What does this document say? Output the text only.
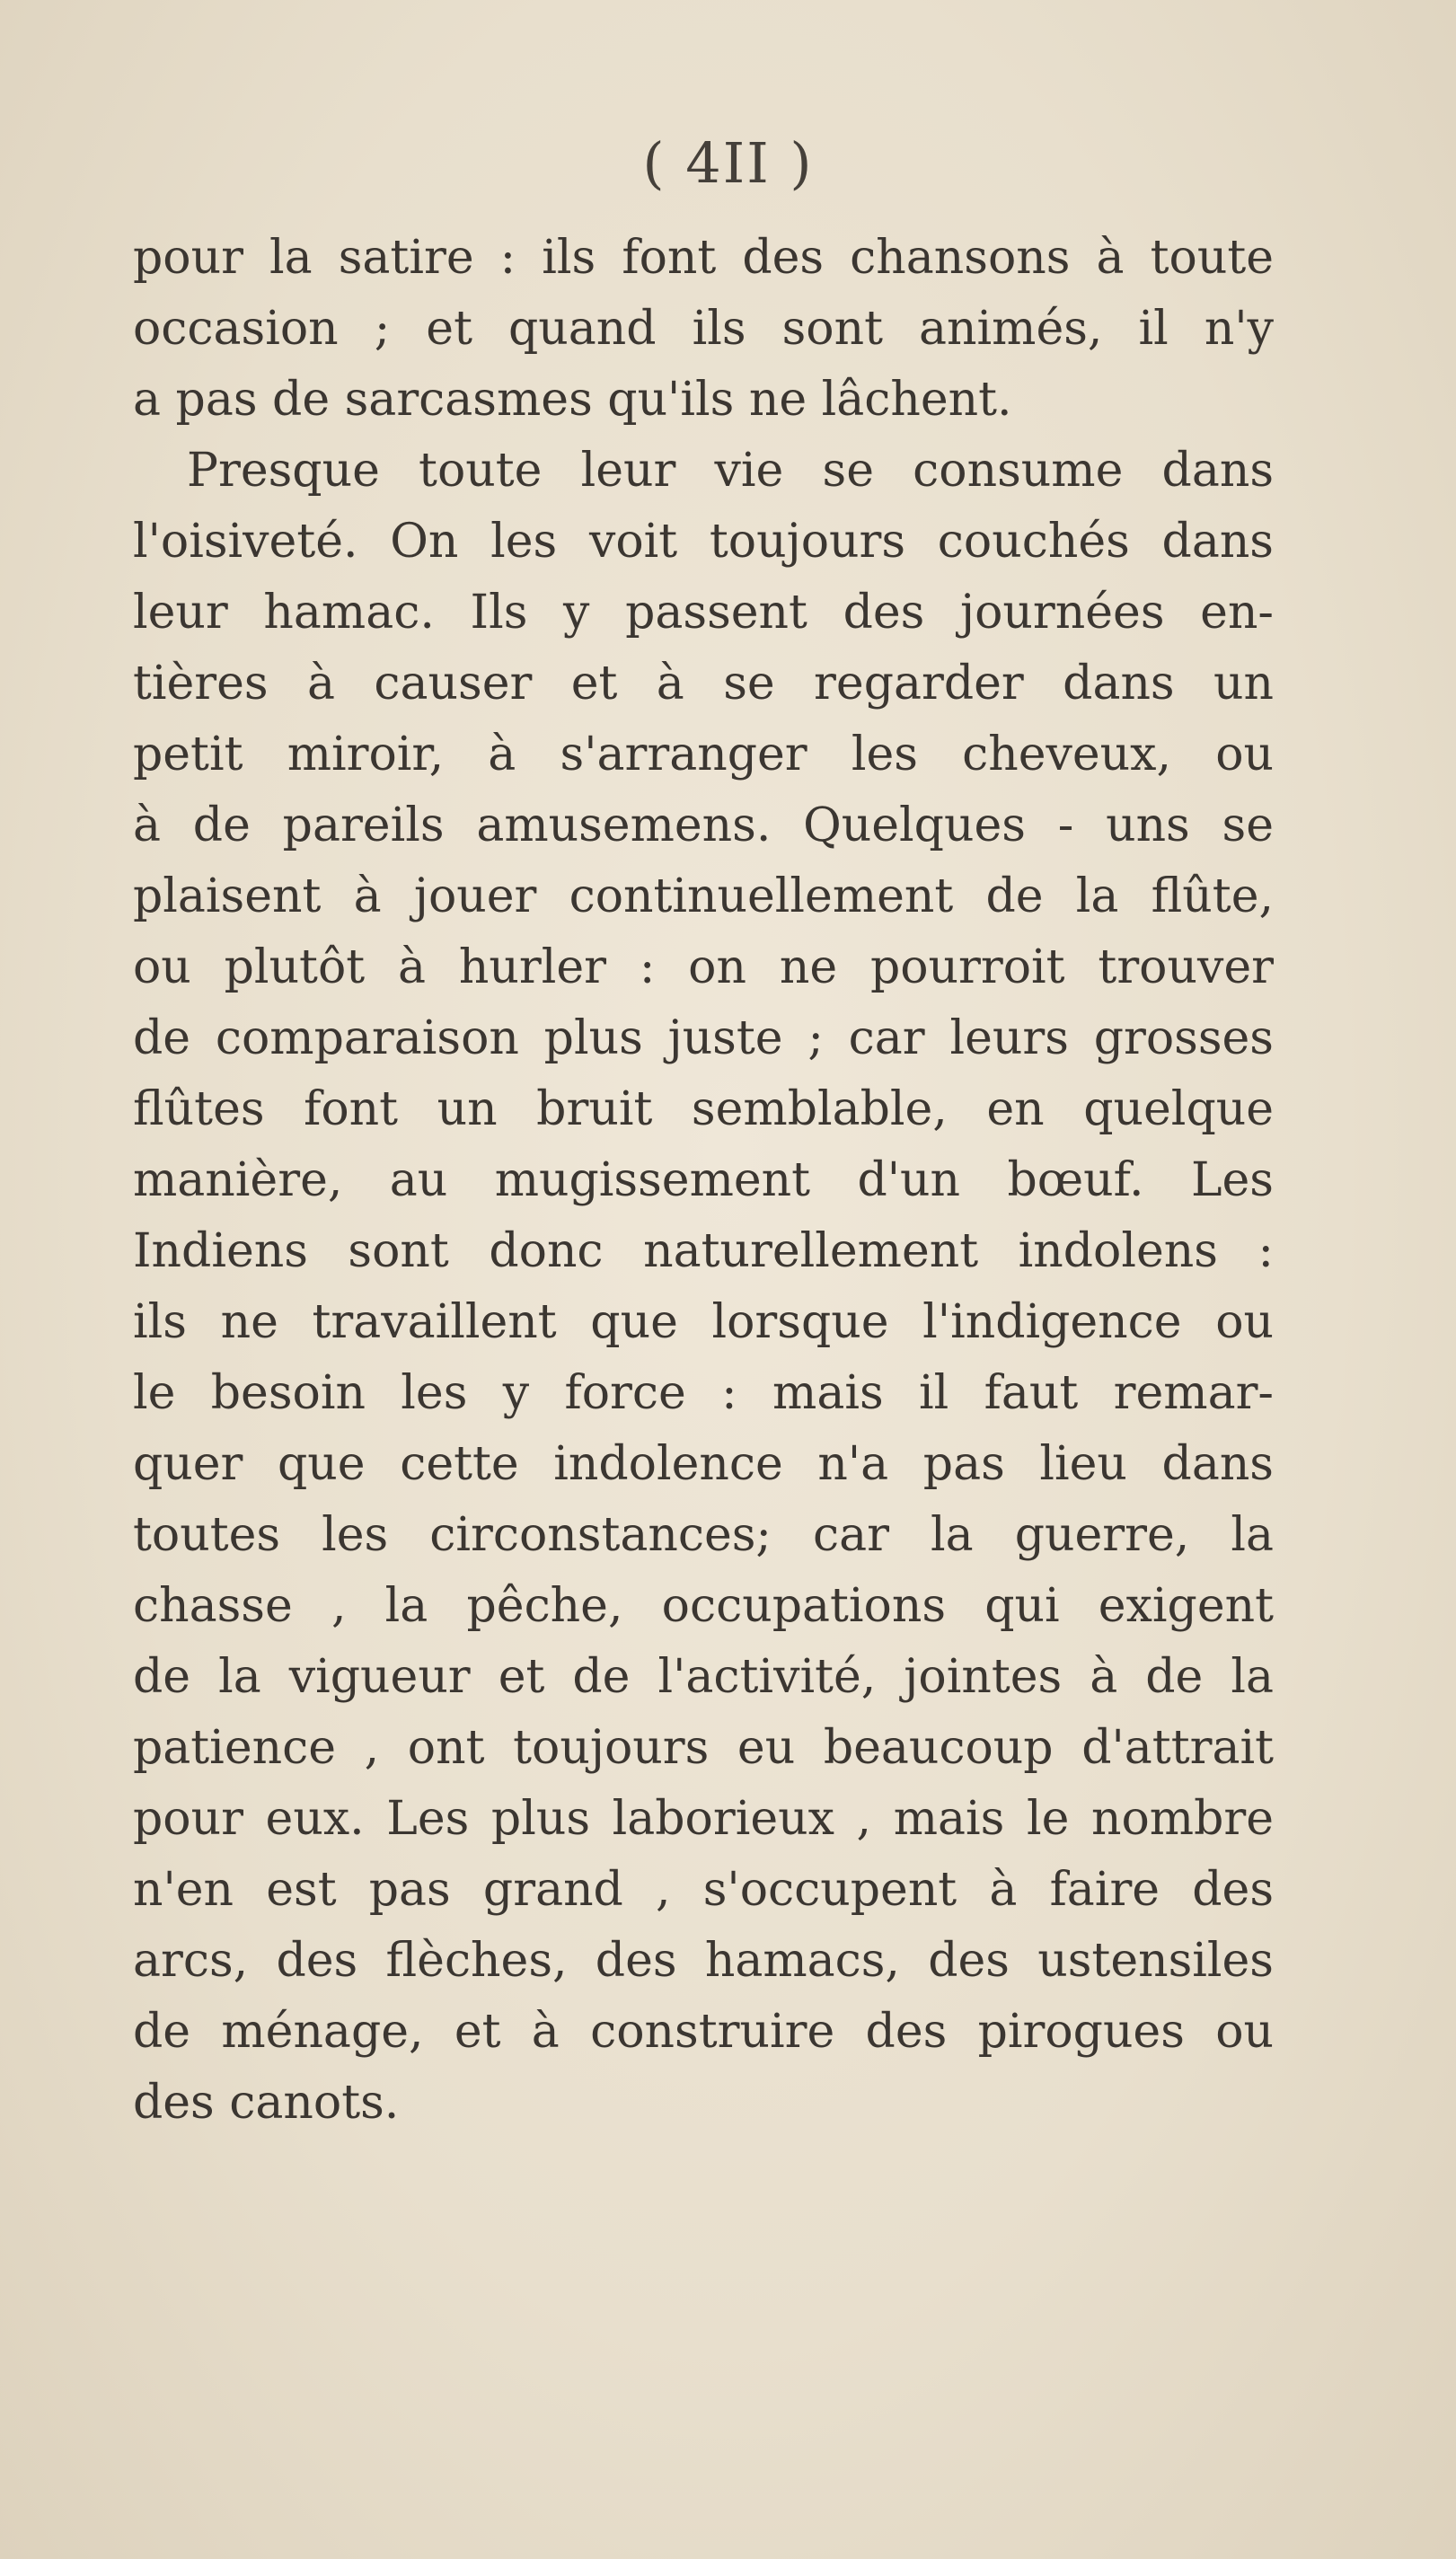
( 4II )
pour la satire : ils font des chansons à toute
occasion ; et quand ils sont animés, il n'y
a pas de sarcasmes qu'ils ne lâchent.
Presque toute leur vie se consume dans
l'oisiveté. On les voit toujours couchés dans
leur hamac. Ils y passent des journées en-
tières à causer et à se regarder dans un
petit miroir, à s'arranger les cheveux, ou
à de pareils amusemens. Quelques - uns se
plaisent à jouer continuellement de la flûte,
ou plutôt à hurler : on ne pourroit trouver
de comparaison plus juste ; car leurs grosses
flûtes font un bruit semblable, en quelque
manière, au mugissement d'un bœuf. Les
Indiens sont donc naturellement indolens :
ils ne travaillent que lorsque l'indigence ou
le besoin les y force : mais il faut remar-
quer que cette indolence n'a pas lieu dans
toutes les circonstances; car la guerre, la
chasse , la pêche, occupations qui exigent
de la vigueur et de l'activité, jointes à de la
patience , ont toujours eu beaucoup d'attrait
pour eux. Les plus laborieux , mais le nombre
n'en est pas grand , s'occupent à faire des
arcs, des flèches, des hamacs, des ustensiles
de ménage, et à construire des pirogues ou
des canots.
